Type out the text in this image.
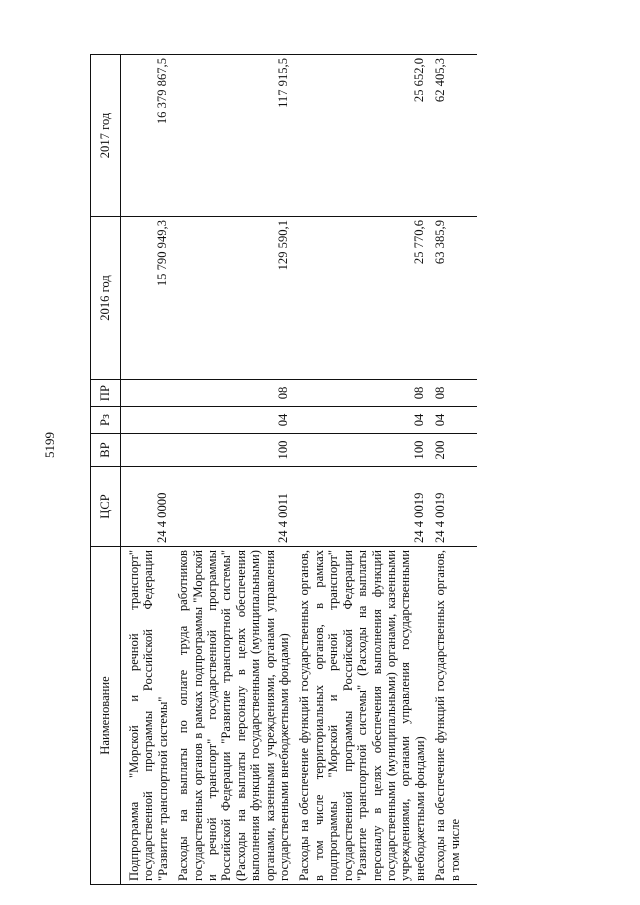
5199
Наименование	ЦСР	ВР	Рз	ПР	2016 год	2017 год
Подпрограмма "Морской и речной транспорт" государственной программы Российской Федерации "Развитие транспортной системы"	24 4 0000				15 790 949,3	16 379 867,5
Расходы на выплаты по оплате труда работников государственных органов в рамках подпрограммы "Морской и речной транспорт" государственной программы Российской Федерации "Развитие транспортной системы" (Расходы на выплаты персоналу в целях обеспечения выполнения функций государственными (муниципальными) органами, казенными учреждениями, органами управления государственными внебюджетными фондами)	24 4 0011	100	04	08	129 590,1	117 915,5
Расходы на обеспечение функций государственных органов, в том числе территориальных органов, в рамках подпрограммы "Морской и речной транспорт" государственной программы Российской Федерации "Развитие транспортной системы" (Расходы на выплаты персоналу в целях обеспечения выполнения функций государственными (муниципальными) органами, казенными учреждениями, органами управления государственными внебюджетными фондами)	24 4 0019	100	04	08	25 770,6	25 652,0

Расходы на обеспечение функций государственных органов, в том числе	24 4 0019	200	04	08	63 385,9	62 405,3
